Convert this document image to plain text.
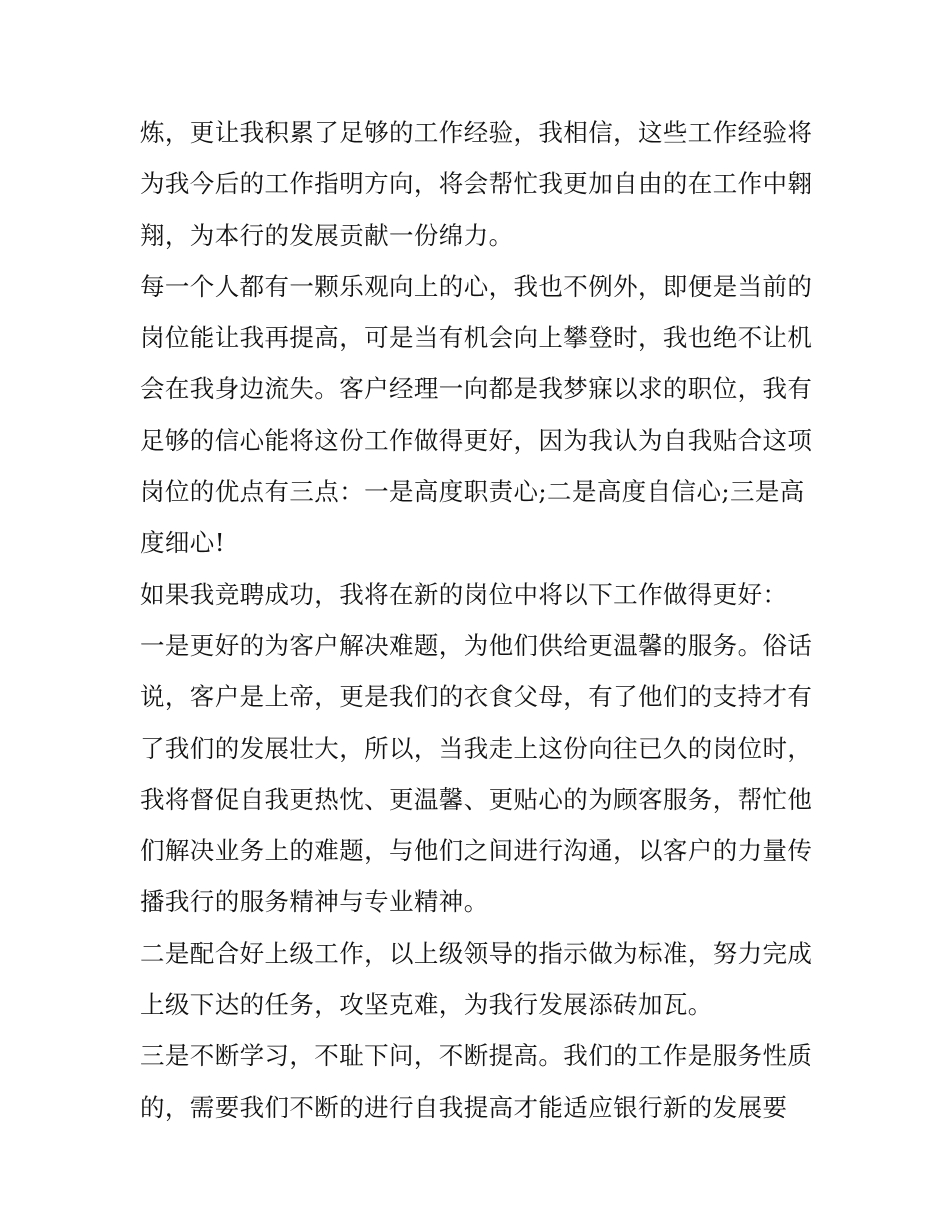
炼，更让我积累了足够的工作经验，我相信，这些工作经验将
为我今后的工作指明方向，将会帮忙我更加自由的在工作中翱
翔，为本行的发展贡献一份绵力。
每一个人都有一颗乐观向上的心，我也不例外，即便是当前的
岗位能让我再提高，可是当有机会向上攀登时，我也绝不让机
会在我身边流失。客户经理一向都是我梦寐以求的职位，我有
足够的信心能将这份工作做得更好，因为我认为自我贴合这项
岗位的优点有三点：一是高度职责心;二是高度自信心;三是高
度细心!
如果我竞聘成功，我将在新的岗位中将以下工作做得更好：
一是更好的为客户解决难题，为他们供给更温馨的服务。俗话
说，客户是上帝，更是我们的衣食父母，有了他们的支持才有
了我们的发展壮大，所以，当我走上这份向往已久的岗位时，
我将督促自我更热忱、更温馨、更贴心的为顾客服务，帮忙他
们解决业务上的难题，与他们之间进行沟通，以客户的力量传
播我行的服务精神与专业精神。
二是配合好上级工作，以上级领导的指示做为标准，努力完成
上级下达的任务，攻坚克难，为我行发展添砖加瓦。
三是不断学习，不耻下问，不断提高。我们的工作是服务性质
的，需要我们不断的进行自我提高才能适应银行新的发展要
